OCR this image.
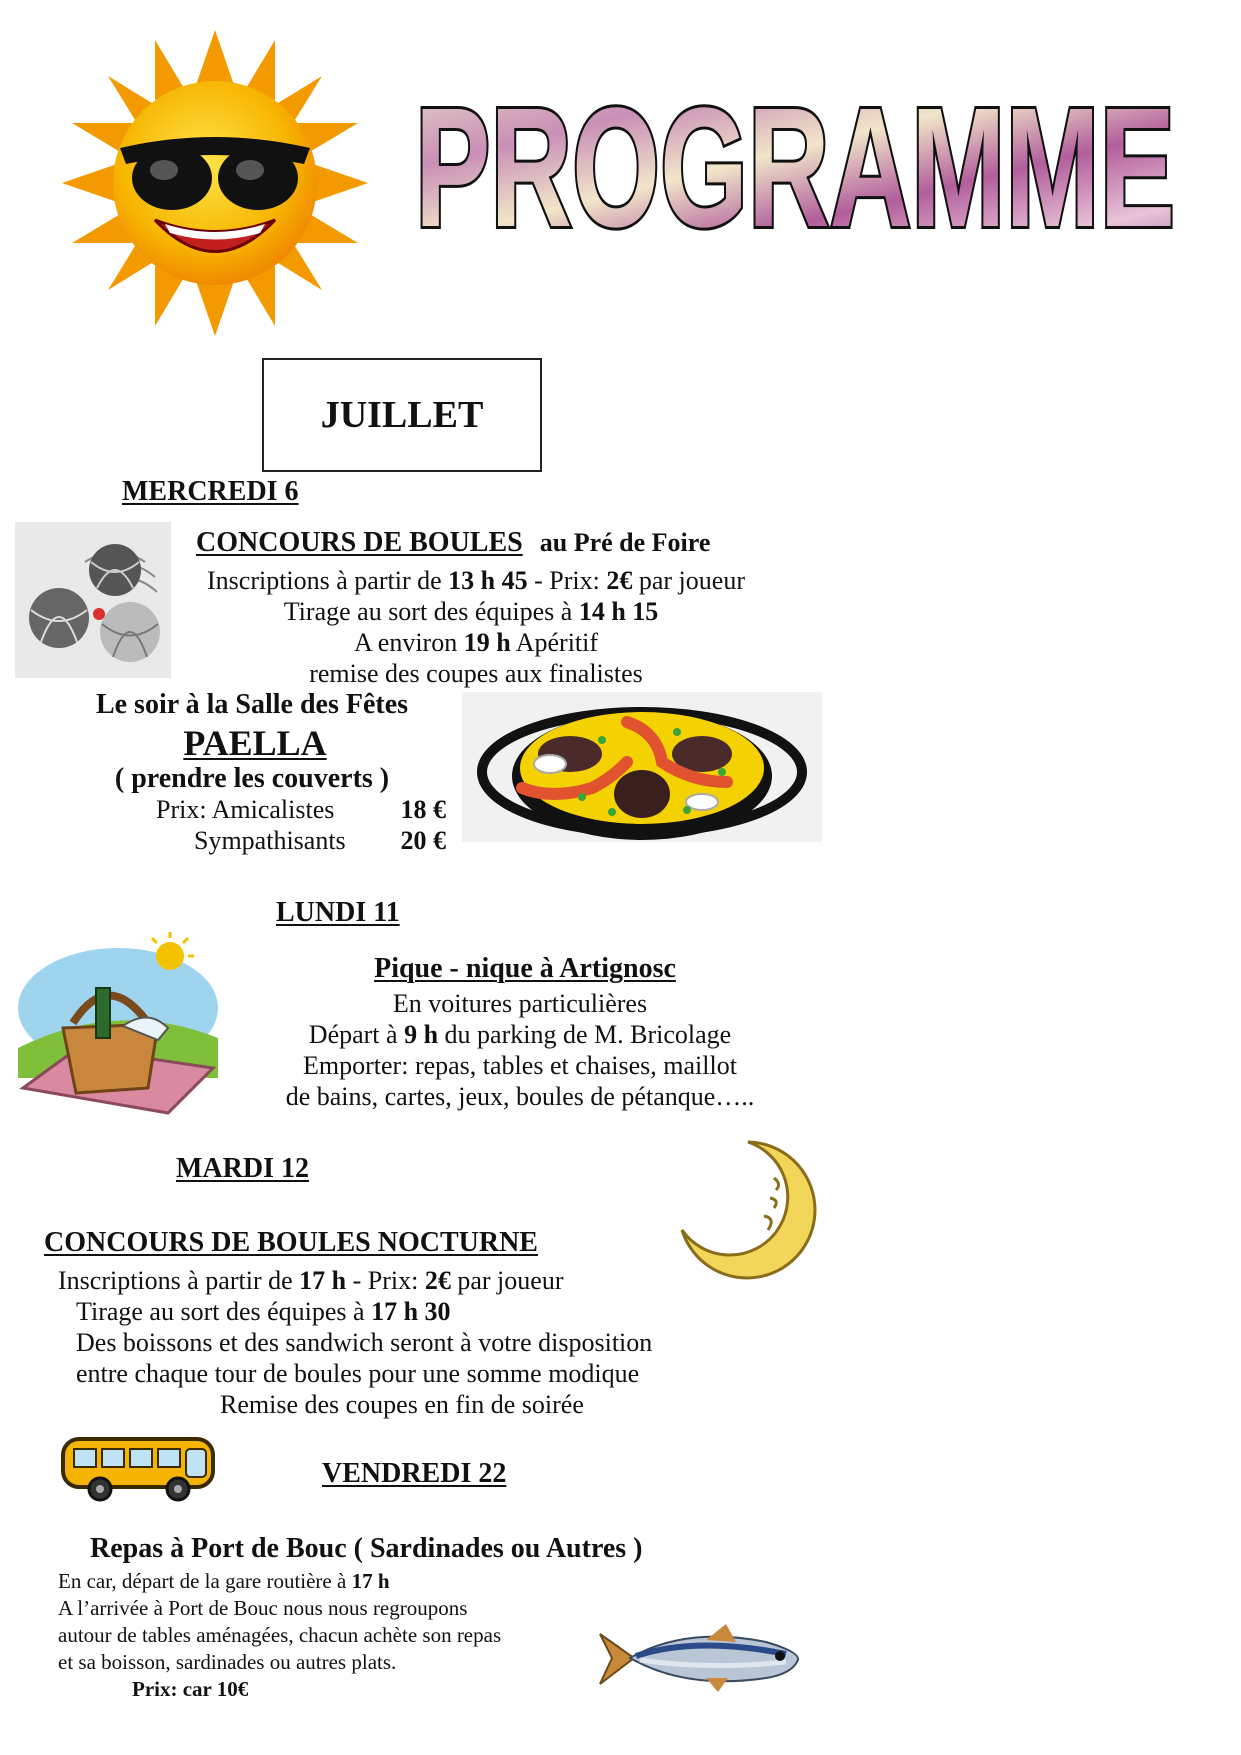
PROGRAMME
JUILLET
MERCREDI 6
CONCOURS DE BOULES au Pré de Foire
Inscriptions à partir de 13 h 45 - Prix: 2€ par joueur
Tirage au sort des équipes à 14 h 15
A environ 19 h Apéritif
remise des coupes aux finalistes
Le soir à la Salle des Fêtes
PAELLA
( prendre les couverts )
Prix: Amicalistes	18 €
Sympathisants 20 €
LUNDI 11
Pique - nique à Artignosc
En voitures particulières
Départ à 9 h du parking de M. Bricolage
Emporter: repas, tables et chaises, maillot
de bains, cartes, jeux, boules de pétanque…..
MARDI 12
CONCOURS DE BOULES NOCTURNE
Inscriptions à partir de 17 h - Prix: 2€ par joueur
Tirage au sort des équipes à 17 h 30
Des boissons et des sandwich seront à votre disposition
entre chaque tour de boules pour une somme modique
Remise des coupes en fin de soirée
VENDREDI 22
Repas à Port de Bouc ( Sardinades ou Autres )
En car, départ de la gare routière à 17 h
A l’arrivée à Port de Bouc nous nous regroupons
autour de tables aménagées, chacun achète son repas
et sa boisson, sardinades ou autres plats.
Prix: car 10€
